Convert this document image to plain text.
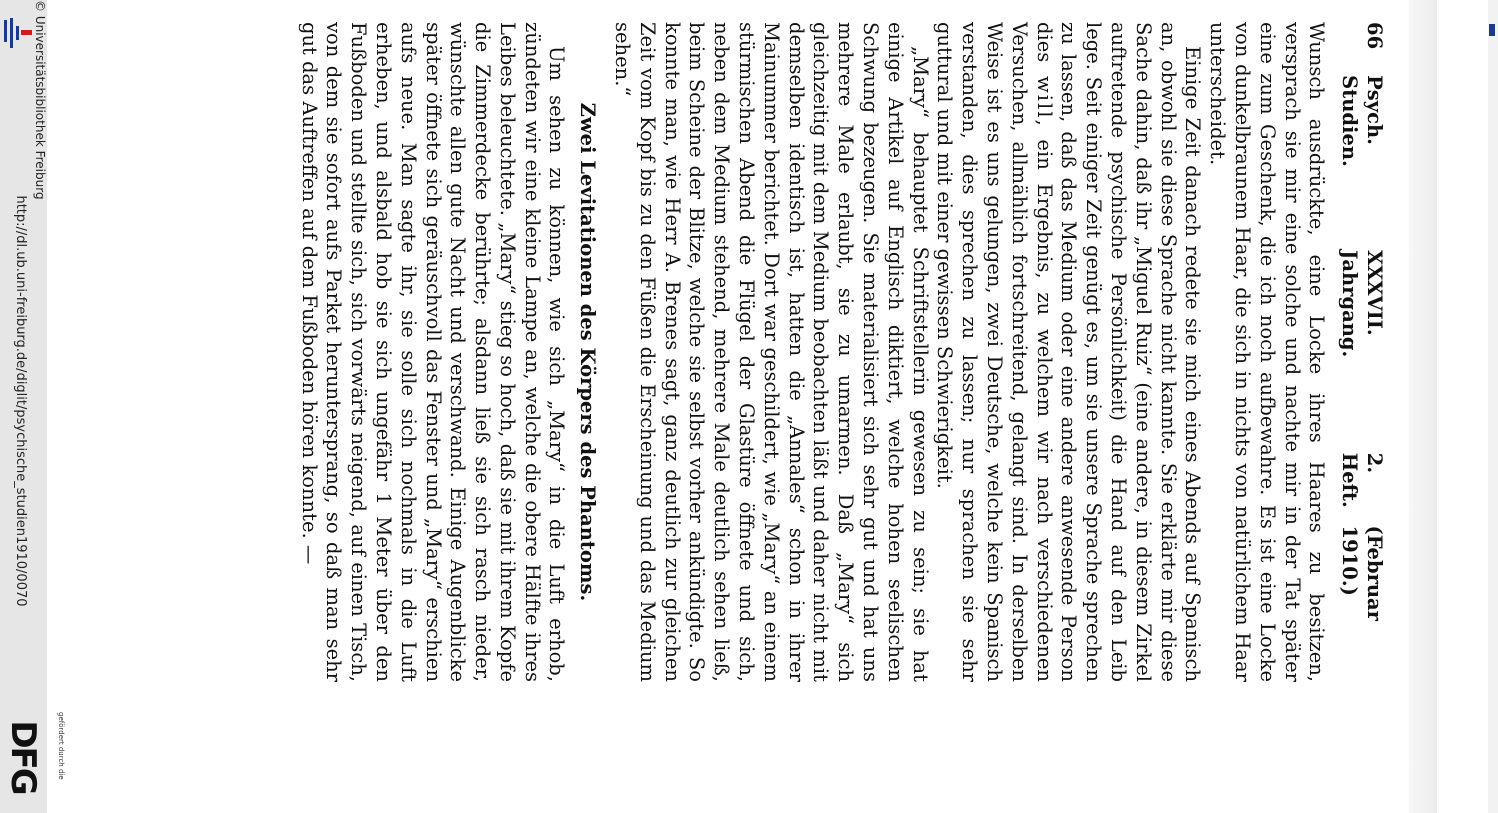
http://dl.ub.uni-freiburg.de/diglit/psychische_studien1910/0070
© Universitätsbibliothek Freiburg
gefördert durch die
DFG
66
Psych. Studien.
XXXVII. Jahrgang.
2. Heft.
(Februar 1910.)

Wunsch ausdrückte, eine Locke ihres Haares zu besitzen, versprach sie mir eine solche und nachte mir in der Tat später eine zum Geschenk, die ich noch aufbewahre. Es ist eine Locke von dunkelbraunem Haar, die sich in nichts von natürlichem Haar unterscheidet.

Einige Zeit danach redete sie mich eines Abends auf Spanisch an, obwohl sie diese Sprache nicht kannte. Sie erklärte mir diese Sache dahin, daß ihr „Miguel Ruiz“ (eine andere, in diesem Zirkel auftretende psychische Persönlichkeit) die Hand auf den Leib lege. Seit einiger Zeit genügt es, um sie unsere Sprache sprechen zu lassen, daß das Medium oder eine andere anwesende Person dies will, ein Ergebnis, zu welchem wir nach verschiedenen Versuchen, allmählich fortschreitend, gelangt sind. In derselben Weise ist es uns gelungen, zwei Deutsche, welche kein Spanisch verstanden, dies sprechen zu lassen; nur sprachen sie sehr guttural und mit einer gewissen Schwierigkeit.

„Mary“ behauptet Schriftstellerin gewesen zu sein; sie hat einige Artikel auf Englisch diktiert, welche hohen seelischen Schwung bezeugen. Sie materialisiert sich sehr gut und hat uns mehrere Male erlaubt, sie zu umarmen. Daß „Mary“ sich gleichzeitig mit dem Medium beobachten läßt und daher nicht mit demselben identisch ist, hatten die „Annales“ schon in ihrer Mainummer berichtet. Dort war geschildert, wie „Mary“ an einem stürmischen Abend die Flügel der Glastüre öffnete und sich, neben dem Medium stehend, mehrere Male deutlich sehen ließ, beim Scheine der Blitze, welche sie selbst vorher ankündigte. So konnte man, wie Herr A. Brenes sagt, ganz deutlich zur gleichen Zeit vom Kopf bis zu den Füßen die Erscheinung und das Medium sehen.“

Zwei Levitationen des Körpers des Phantoms.

Um sehen zu können, wie sich „Mary“ in die Luft erhob, zündeten wir eine kleine Lampe an, welche die obere Hälfte ihres Leibes beleuchtete. „Mary“ stieg so hoch, daß sie mit ihrem Kopfe die Zimmerdecke berührte; alsdann ließ sie sich rasch nieder, wünschte allen gute Nacht und verschwand. Einige Augenblicke später öffnete sich geräuschvoll das Fenster und „Mary“ erschien aufs neue. Man sagte ihr, sie solle sich nochmals in die Luft erheben, und alsbald hob sie sich ungefähr 1 Meter über den Fußboden und stellte sich, sich vorwärts neigend, auf einen Tisch, von dem sie sofort aufs Parket heruntersprang, so daß man sehr gut das Auftreffen auf dem Fußboden hören konnte. —
